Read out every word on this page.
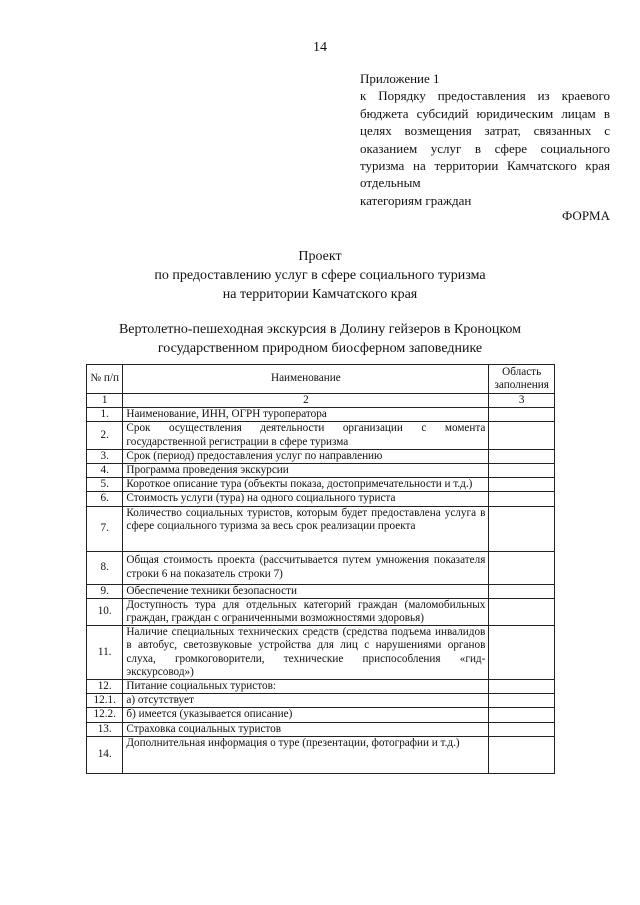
14
Приложение 1
к Порядку предоставления из краевого бюджета субсидий юридическим лицам в целях возмещения затрат, связанных с оказанием услуг в сфере социального туризма на территории Камчатского края отдельным
категориям граждан
ФОРМА
Проект
по предоставлению услуг в сфере социального туризма
на территории Камчатского края
Вертолетно-пешеходная экскурсия в Долину гейзеров в Кроноцком
государственном природном биосферном заповеднике
№ п/п	Наименование	Область заполнения
1	2	3
1.	Наименование, ИНН, ОГРН туроператора	
2.	Срок осуществления деятельности организации с момента государственной регистрации в сфере туризма	
3.	Срок (период) предоставления услуг по направлению	
4.	Программа проведения экскурсии	
5.	Короткое описание тура (объекты показа, достопримечательности и т.д.)	
6.	Стоимость услуги (тура) на одного социального туриста	
7.	Количество социальных туристов, которым будет предоставлена услуга в сфере социального туризма за весь срок реализации проекта	
8.	Общая стоимость проекта (рассчитывается путем умножения показателя строки 6 на показатель строки 7)	
9.	Обеспечение техники безопасности	
10.	Доступность тура для отдельных категорий граждан (маломобильных граждан, граждан с ограниченными возможностями здоровья)	
11.	Наличие специальных технических средств (средства подъема инвалидов в автобус, светозвуковые устройства для лиц с нарушениями органов слуха, громкоговорители, технические приспособления «гид-экскурсовод»)	
12.	Питание социальных туристов:	
12.1.	а) отсутствует	
12.2.	б) имеется (указывается описание)	
13.	Страховка социальных туристов	
14.	Дополнительная информация о туре (презентации, фотографии и т.д.)	
